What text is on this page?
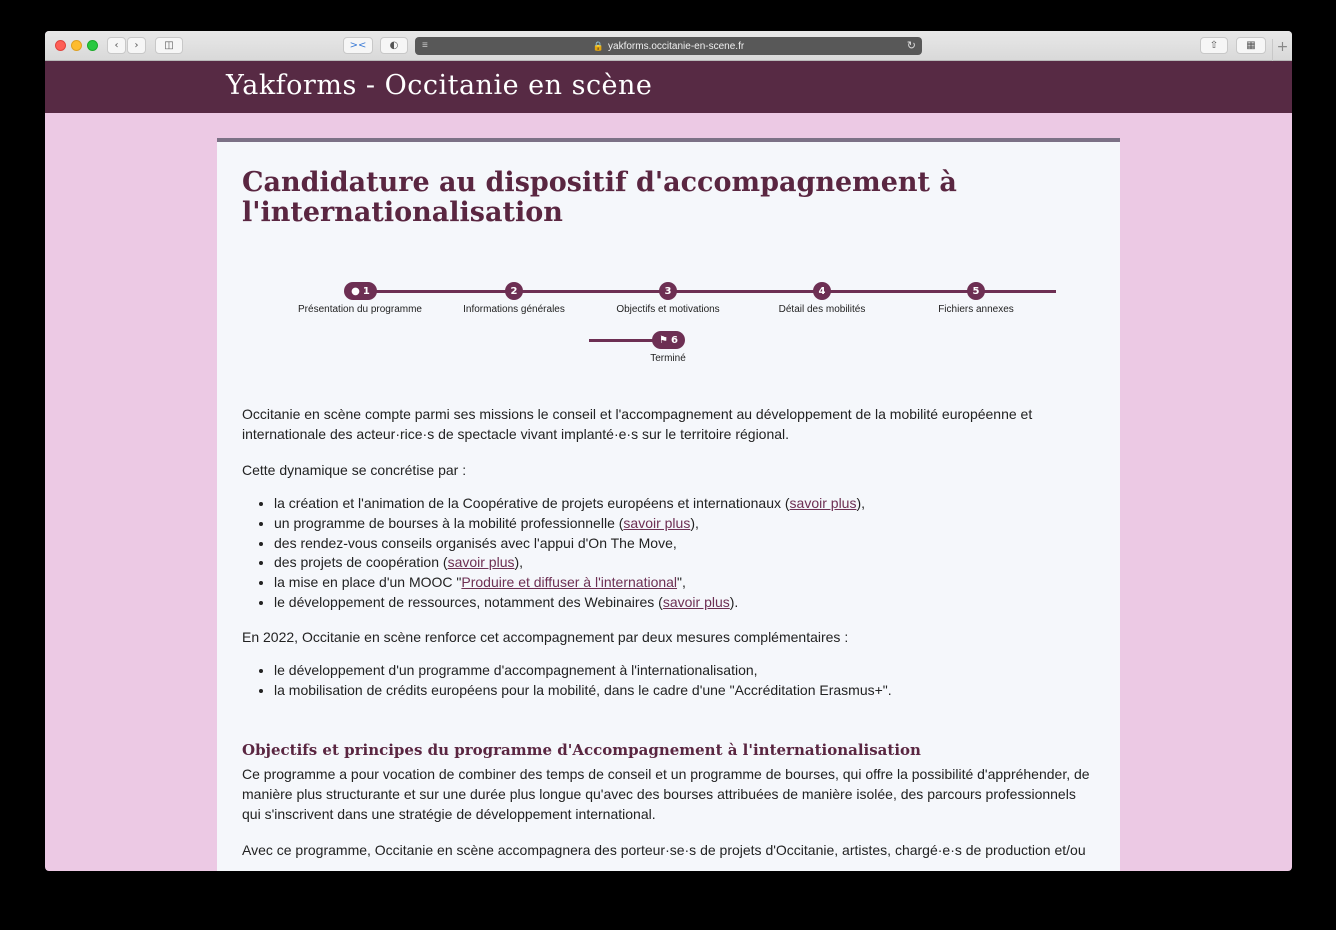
‹ ›	◫	>< ◐ ≡	🔒 yakforms.occitanie-en-scene.fr	↻	⇧	▦	+
Yakforms - Occitanie en scène
Candidature au dispositif d'accompagnement à l'internationalisation
● 1
Présentation du programme
2
Informations générales
3
Objectifs et motivations
4
Détail des mobilités
5
Fichiers annexes
⚑ 6
Terminé

Occitanie en scène compte parmi ses missions le conseil et l'accompagnement au développement de la mobilité européenne et internationale des acteur·rice·s de spectacle vivant implanté·e·s sur le territoire régional.

Cette dynamique se concrétise par :

• la création et l'animation de la Coopérative de projets européens et internationaux (savoir plus),
• un programme de bourses à la mobilité professionnelle (savoir plus),
• des rendez-vous conseils organisés avec l'appui d'On The Move,
• des projets de coopération (savoir plus),
• la mise en place d'un MOOC "Produire et diffuser à l'international",
• le développement de ressources, notamment des Webinaires (savoir plus).

En 2022, Occitanie en scène renforce cet accompagnement par deux mesures complémentaires :

• le développement d'un programme d'accompagnement à l'internationalisation,
• la mobilisation de crédits européens pour la mobilité, dans le cadre d'une "Accréditation Erasmus+".
Objectifs et principes du programme d'Accompagnement à l'internationalisation

Ce programme a pour vocation de combiner des temps de conseil et un programme de bourses, qui offre la possibilité d'appréhender, de manière plus structurante et sur une durée plus longue qu'avec des bourses attribuées de manière isolée, des parcours professionnels qui s'inscrivent dans une stratégie de développement international.

Avec ce programme, Occitanie en scène accompagnera des porteur·se·s de projets d'Occitanie, artistes, chargé·e·s de production et/ou
